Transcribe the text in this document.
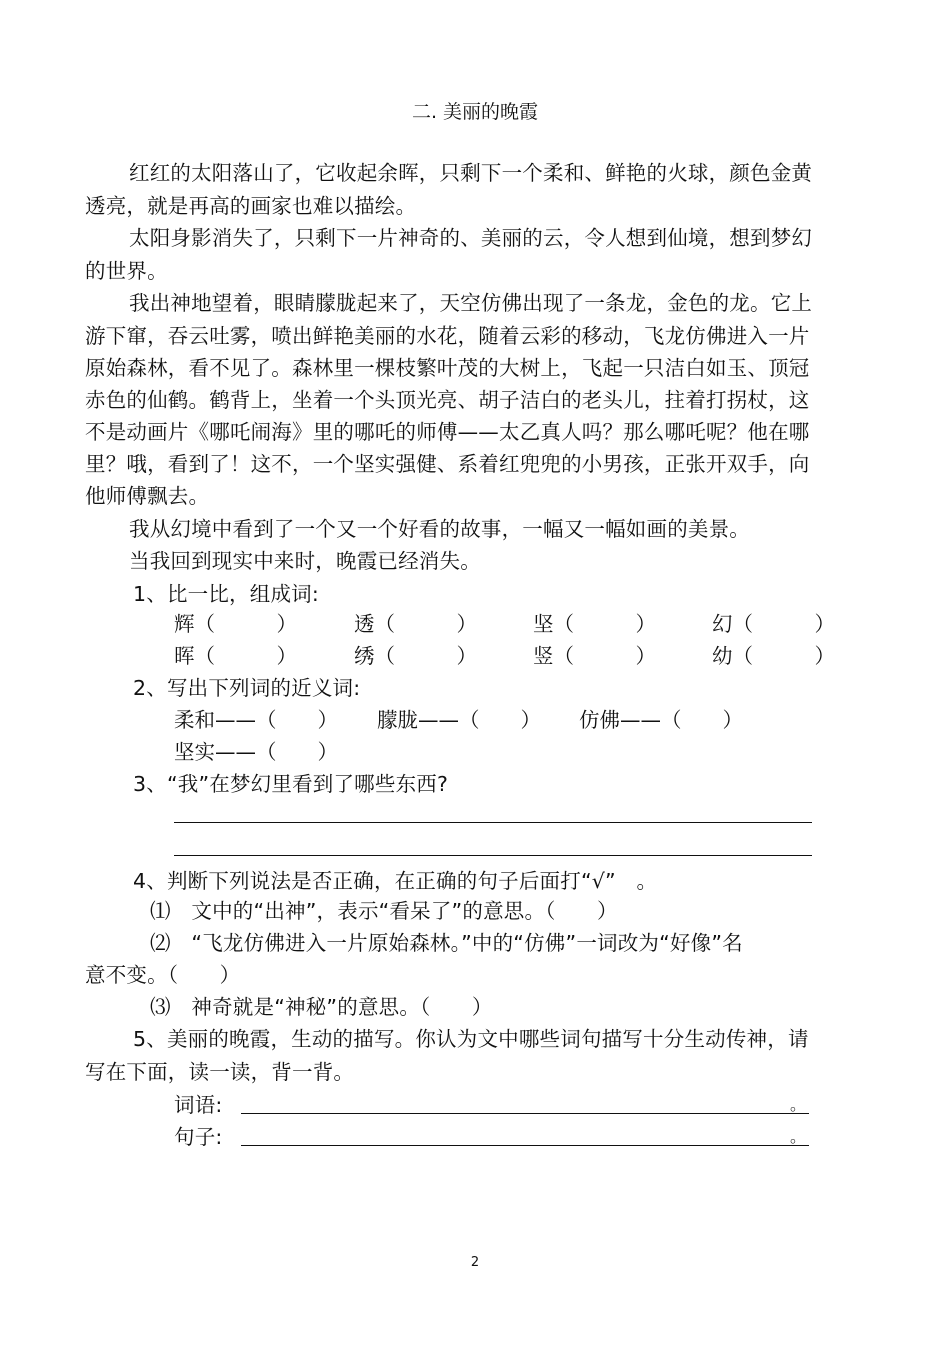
二. 美丽的晚霞
红红的太阳落山了，它收起余晖，只剩下一个柔和、鲜艳的火球，颜色金黄
透亮，就是再高的画家也难以描绘。
太阳身影消失了，只剩下一片神奇的、美丽的云，令人想到仙境，想到梦幻
的世界。
我出神地望着，眼睛朦胧起来了，天空仿佛出现了一条龙，金色的龙。它上
游下窜，吞云吐雾，喷出鲜艳美丽的水花，随着云彩的移动，飞龙仿佛进入一片
原始森林，看不见了。森林里一棵枝繁叶茂的大树上，飞起一只洁白如玉、顶冠
赤色的仙鹤。鹤背上，坐着一个头顶光亮、胡子洁白的老头儿，拄着打拐杖，这
不是动画片《哪吒闹海》里的哪吒的师傅——太乙真人吗？那么哪吒呢？他在哪
里？哦，看到了！这不，一个坚实强健、系着红兜兜的小男孩，正张开双手，向
他师傅飘去。
我从幻境中看到了一个又一个好看的故事，一幅又一幅如画的美景。
当我回到现实中来时，晚霞已经消失。
1、比一比，组成词:
辉（　　　）	透（　　　）	坚（　　　）	幻（　　　）
晖（　　　）	绣（　　　）	竖（　　　）	幼（　　　）
2、写出下列词的近义词:
柔和——（　　） 朦胧——（　　） 仿佛——（　　）
坚实——（　　）
3、“我”在梦幻里看到了哪些东西?
4、判断下列说法是否正确，在正确的句子后面打“√”　。
⑴　文中的“出神”，表示“看呆了”的意思。（　　）
⑵　“飞龙仿佛进入一片原始森林。”中的“仿佛”一词改为“好像”名
意不变。（　　）
⑶　神奇就是“神秘”的意思。（　　）
5、美丽的晚霞，生动的描写。你认为文中哪些词句描写十分生动传神，请
写在下面，读一读，背一背。
词语:	。
句子:	。
2
